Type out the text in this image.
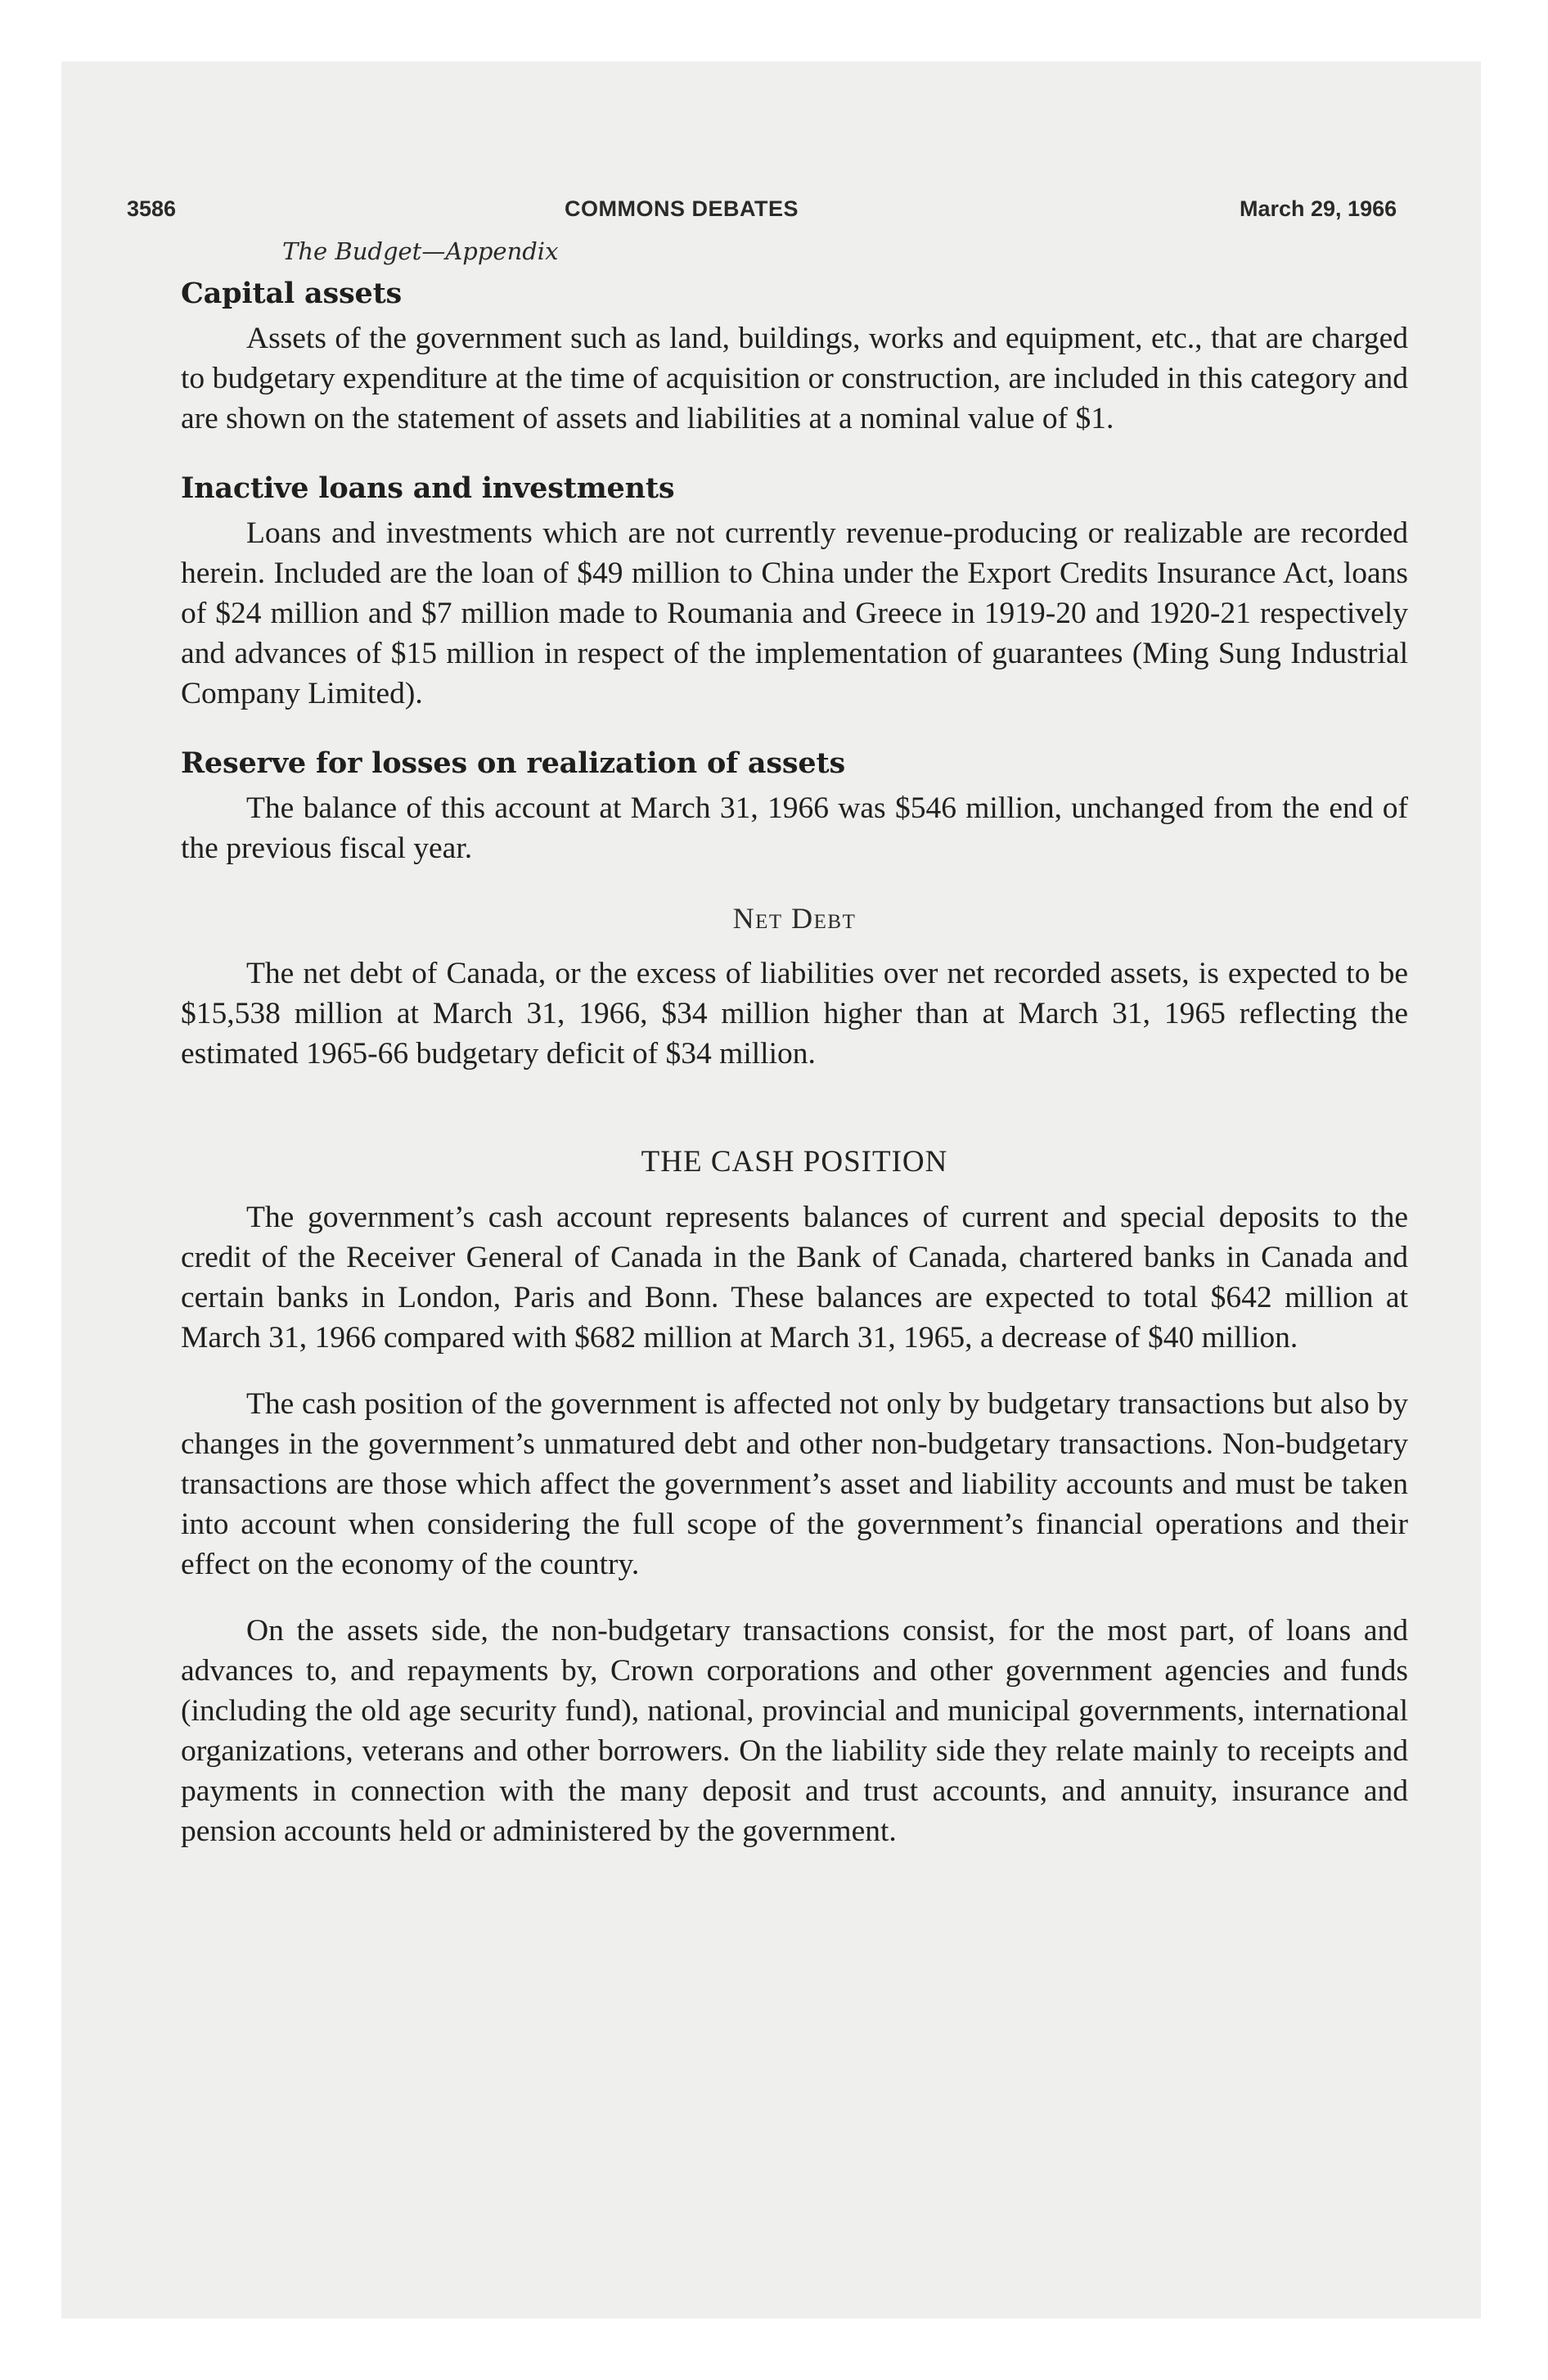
3586	COMMONS DEBATES	March 29, 1966
The Budget—Appendix
Capital assets

Assets of the government such as land, buildings, works and equipment, etc., that are charged to budgetary expenditure at the time of acquisition or construction, are included in this category and are shown on the statement of assets and liabilities at a nominal value of $1.

Inactive loans and investments

Loans and investments which are not currently revenue-producing or realizable are recorded herein. Included are the loan of $49 million to China under the Export Credits Insurance Act, loans of $24 million and $7 million made to Roumania and Greece in 1919-20 and 1920-21 respectively and advances of $15 million in respect of the implementation of guarantees (Ming Sung Industrial Company Limited).

Reserve for losses on realization of assets

The balance of this account at March 31, 1966 was $546 million, unchanged from the end of the previous fiscal year.

Net Debt

The net debt of Canada, or the excess of liabilities over net recorded assets, is expected to be $15,538 million at March 31, 1966, $34 million higher than at March 31, 1965 reflecting the estimated 1965-66 budgetary deficit of $34 million.

THE CASH POSITION

The government’s cash account represents balances of current and special deposits to the credit of the Receiver General of Canada in the Bank of Canada, chartered banks in Canada and certain banks in London, Paris and Bonn. These balances are expected to total $642 million at March 31, 1966 compared with $682 million at March 31, 1965, a decrease of $40 million.

The cash position of the government is affected not only by budgetary transactions but also by changes in the government’s unmatured debt and other non-budgetary transactions. Non-budgetary transactions are those which affect the government’s asset and liability accounts and must be taken into account when considering the full scope of the government’s financial operations and their effect on the economy of the country.

On the assets side, the non-budgetary transactions consist, for the most part, of loans and advances to, and repayments by, Crown corporations and other government agencies and funds (including the old age security fund), national, provincial and municipal governments, international organizations, veterans and other borrowers. On the liability side they relate mainly to receipts and payments in connection with the many deposit and trust accounts, and annuity, insurance and pension accounts held or administered by the government.
